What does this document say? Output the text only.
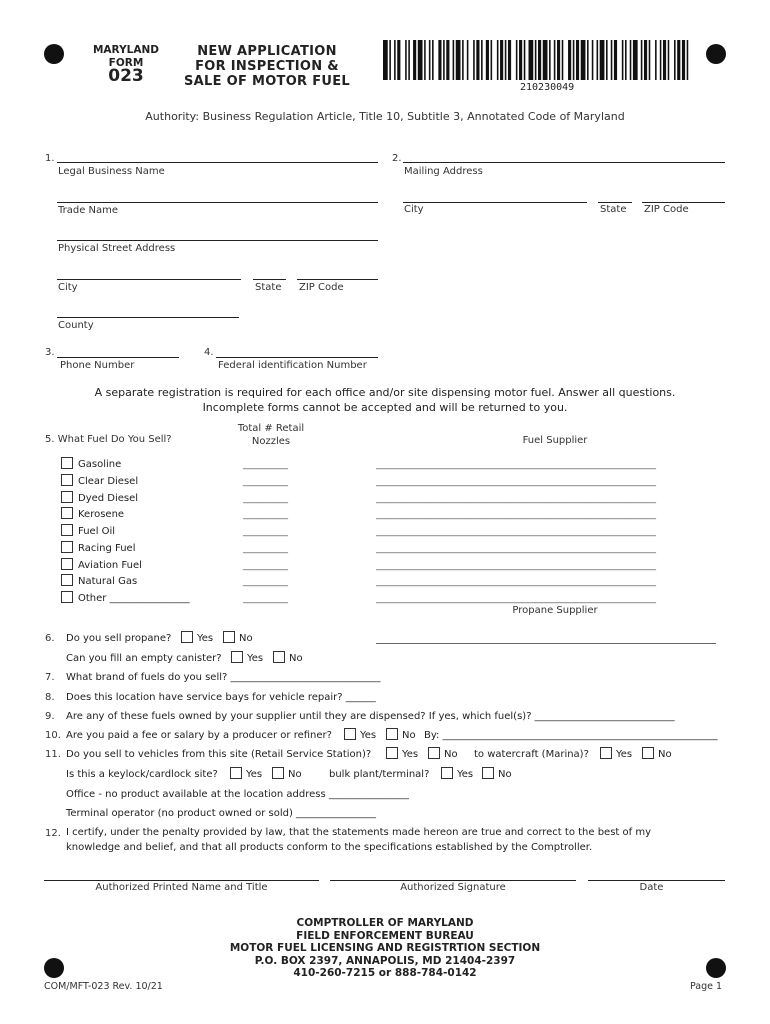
MARYLAND
FORM
023
NEW APPLICATION
FOR INSPECTION &
SALE OF MOTOR FUEL	210230049
Authority: Business Regulation Article, Title 10, Subtitle 3, Annotated Code of Maryland
1.
Legal Business Name
2.
Mailing Address
Trade Name	City	State ZIP Code
Physical Street Address
City	State ZIP Code
County
3.
Phone Number
4.
Federal identification Number
A separate registration is required for each office and/or site dispensing motor fuel. Answer all questions.
Incomplete forms cannot be accepted and will be returned to you.
5. What Fuel Do You Sell?
Total # Retail
Nozzles	Fuel Supplier
Gasoline	_________	________________________________________________________
Clear Diesel	_________	________________________________________________________
Dyed Diesel	_________	________________________________________________________
Kerosene	_________	________________________________________________________
Fuel Oil	_________	________________________________________________________
Racing Fuel	_________	________________________________________________________
Aviation Fuel	_________	________________________________________________________
Natural Gas	_________	________________________________________________________
Other ________________	_________	________________________________________________________
Propane Supplier
6. Do you sell propane?	Yes	No
Can you fill an empty canister?	Yes	No
7. What brand of fuels do you sell? ______________________________
8. Does this location have service bays for vehicle repair? ______
9. Are any of these fuels owned by your supplier until they are dispensed? If yes, which fuel(s)? ____________________________
10. Are you paid a fee or salary by a producer or refiner?	Yes	No By: _______________________________________________________
11. Do you sell to vehicles from this site (Retail Service Station)?	Yes	No to watercraft (Marina)?	Yes	No
Is this a keylock/cardlock site?	Yes	No	bulk plant/terminal?	Yes No
Office - no product available at the location address ________________
Terminal operator (no product owned or sold) ________________
12. I certify, under the penalty provided by law, that the statements made hereon are true and correct to the best of my
knowledge and belief, and that all products conform to the specifications established by the Comptroller.
Authorized Printed Name and Title	Authorized Signature	Date
COMPTROLLER OF MARYLAND
FIELD ENFORCEMENT BUREAU
MOTOR FUEL LICENSING AND REGISTRTION SECTION
P.O. BOX 2397, ANNAPOLIS, MD 21404-2397
410-260-7215 or 888-784-0142
COM/MFT-023 Rev. 10/21	Page 1
